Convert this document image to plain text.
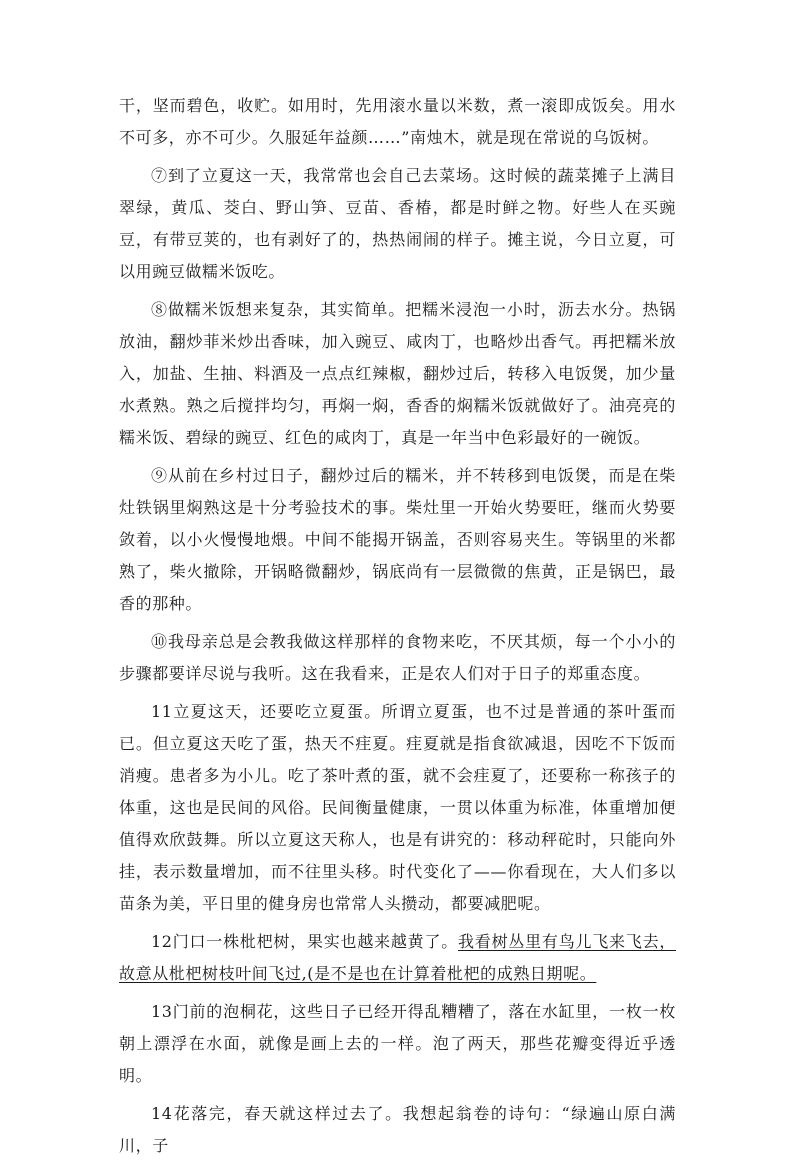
干，坚而碧色，收贮。如用时，先用滚水量以米数，煮一滚即成饭矣。用水不可多，亦不可少。久服延年益颜……”南烛木，就是现在常说的乌饭树。

⑦到了立夏这一天，我常常也会自己去菜场。这时候的蔬菜摊子上满目翠绿，黄瓜、茭白、野山笋、豆苗、香椿，都是时鲜之物。好些人在买豌豆，有带豆荚的，也有剥好了的，热热闹闹的样子。摊主说，今日立夏，可以用豌豆做糯米饭吃。

⑧做糯米饭想来复杂，其实简单。把糯米浸泡一小时，沥去水分。热锅放油，翻炒菲米炒出香味，加入豌豆、咸肉丁，也略炒出香气。再把糯米放入，加盐、生抽、料酒及一点点红辣椒，翻炒过后，转移入电饭煲，加少量水煮熟。熟之后搅拌均匀，再焖一焖，香香的焖糯米饭就做好了。油亮亮的糯米饭、碧绿的豌豆、红色的咸肉丁，真是一年当中色彩最好的一碗饭。

⑨从前在乡村过日子，翻炒过后的糯米，并不转移到电饭煲，而是在柴灶铁锅里焖熟这是十分考验技术的事。柴灶里一开始火势要旺，继而火势要敛着，以小火慢慢地煨。中间不能揭开锅盖，否则容易夹生。等锅里的米都熟了，柴火撤除，开锅略微翻炒，锅底尚有一层微微的焦黄，正是锅巴，最香的那种。

⑩我母亲总是会教我做这样那样的食物来吃，不厌其烦，每一个小小的步骤都要详尽说与我听。这在我看来，正是农人们对于日子的郑重态度。

11立夏这天，还要吃立夏蛋。所谓立夏蛋，也不过是普通的茶叶蛋而已。但立夏这天吃了蛋，热天不疰夏。疰夏就是指食欲减退，因吃不下饭而消瘦。患者多为小儿。吃了茶叶煮的蛋，就不会疰夏了，还要称一称孩子的体重，这也是民间的风俗。民间衡量健康，一贯以体重为标准，体重增加便值得欢欣鼓舞。所以立夏这天称人，也是有讲究的：移动秤砣时，只能向外挂，表示数量增加，而不往里头移。时代变化了——你看现在，大人们多以苗条为美，平日里的健身房也常常人头攒动，都要减肥呢。

12门口一株枇杷树，果实也越来越黄了。我看树丛里有鸟儿飞来飞去，故意从枇杷树枝叶间飞过,(是不是也在计算着枇杷的成熟日期呢。

13门前的泡桐花，这些日子已经开得乱糟糟了，落在水缸里，一枚一枚朝上漂浮在水面，就像是画上去的一样。泡了两天，那些花瓣变得近乎透明。

14花落完，春天就这样过去了。我想起翁卷的诗句：“绿遍山原白满川，子
